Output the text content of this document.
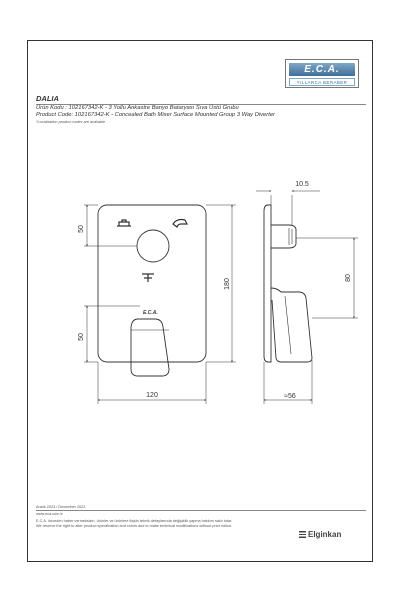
E.C.A.
®
YILLARCA BERABER
DALIA
Ürün Kodu : 102167342-K - 3 Yollu Ankastre Banyo Bataryası Sıva Üstü Grubu
Product Code: 102167342-K - Concealed Bath Mixer Surface Mounted Group 3 Way Diverter
*Localization product codes are available
E.C.A.
50
50
180
120
10.5
80
≈56
Aralık 2023 / December 2023
www.eca.com.tr
E.C.A. önceden haber vermeksizin, ürünler ve ürünlere ilişkin teknik detaylarında değişiklik yapma hakkını saklı tutar.
We reserve the right to alter product specification and colors and to make technical modifications without prior notice.
Elginkan
